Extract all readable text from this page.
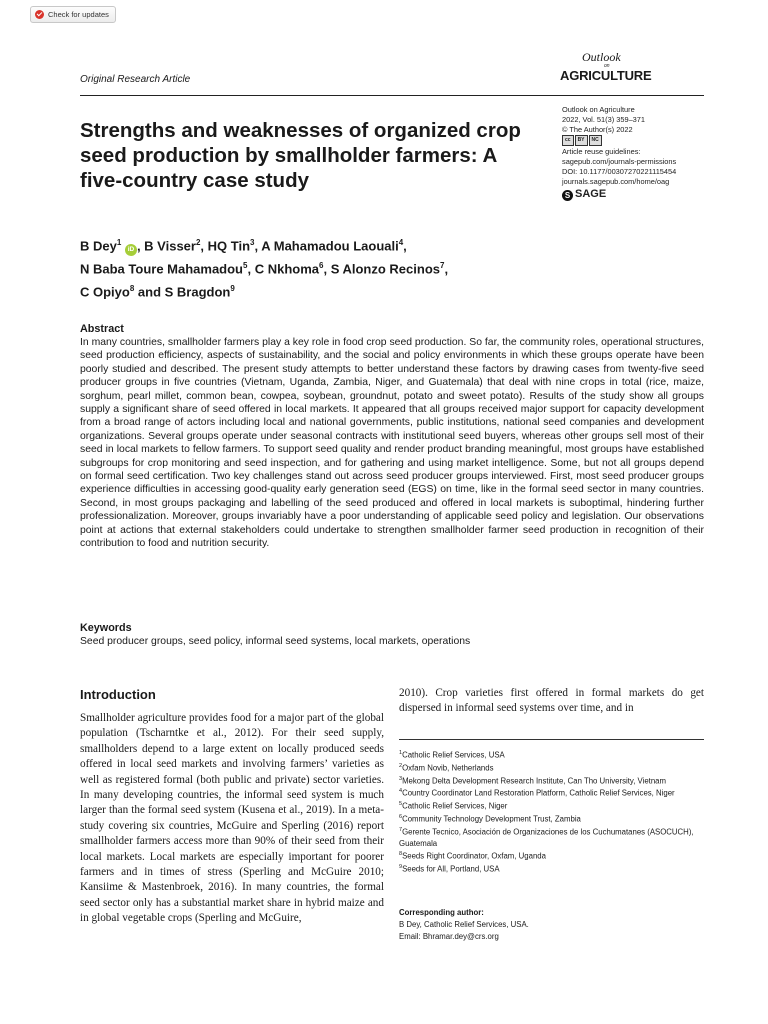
Check for updates
Original Research Article
Outlook
on
AGRICULTURE
Outlook on Agriculture
2022, Vol. 51(3) 359–371
© The Author(s) 2022
cc	BY	NC
Article reuse guidelines:
sagepub.com/journals-permissions
DOI: 10.1177/00307270221115454
journals.sagepub.com/home/oag
S SAGE
Strengths and weaknesses of organized crop seed production by smallholder farmers: A five-country case study
B Dey$^1$ iD , B Visser$^2$, HQ Tin$^3$, A Mahamadou Laouali$^4$,
N Baba Toure Mahamadou$^5$, C Nkhoma$^6$, S Alonzo Recinos$^7$,
C Opiyo$^8$ and S Bragdon$^9$
Abstract
In many countries, smallholder farmers play a key role in food crop seed production. So far, the community roles, operational structures, seed production efficiency, aspects of sustainability, and the social and policy environments in which these groups operate have been poorly studied and described. The present study attempts to better understand these factors by drawing cases from twenty-five seed producer groups in five countries (Vietnam, Uganda, Zambia, Niger, and Guatemala) that deal with nine crops in total (rice, maize, sorghum, pearl millet, common bean, cowpea, soybean, groundnut, potato and sweet potato). Results of the study show all groups supply a significant share of seed offered in local markets. It appeared that all groups received major support for capacity development from a broad range of actors including local and national governments, public institutions, national seed companies and development organizations. Several groups operate under seasonal contracts with institutional seed buyers, whereas other groups sell most of their seed in local markets to fellow farmers. To support seed quality and render product branding meaningful, most groups have established subgroups for crop monitoring and seed inspection, and for gathering and using market intelligence. Some, but not all groups depend on formal seed certification. Two key challenges stand out across seed producer groups interviewed. First, most seed producer groups experience difficulties in accessing good-quality early generation seed (EGS) on time, like in the formal seed sector in many countries. Second, in most groups packaging and labelling of the seed produced and offered in local markets is suboptimal, hindering further professionalization. Moreover, groups invariably have a poor understanding of applicable seed policy and legislation. Our observations point at actions that external stakeholders could undertake to strengthen smallholder farmer seed production in recognition of their contribution to food and nutrition security.
Keywords
Seed producer groups, seed policy, informal seed systems, local markets, operations
Introduction
Smallholder agriculture provides food for a major part of the global population (Tscharntke et al., 2012). For their seed supply, smallholders depend to a large extent on locally produced seeds offered in local seed markets and involving farmers’ varieties as well as registered formal (both public and private) sector varieties. In many developing countries, the informal seed system is much larger than the formal seed system (Kusena et al., 2019). In a meta-study covering six countries, McGuire and Sperling (2016) report smallholder farmers access more than 90% of their seed from their local markets. Local markets are especially important for poorer farmers and in times of stress (Sperling and McGuire 2010; Kansiime & Mastenbroek, 2016). In many countries, the formal seed sector only has a substantial market share in hybrid maize and in global vegetable crops (Sperling and McGuire,
2010). Crop varieties first offered in formal markets do get dispersed in informal seed systems over time, and in
$^1$Catholic Relief Services, USA
$^2$Oxfam Novib, Netherlands
$^3$Mekong Delta Development Research Institute, Can Tho University, Vietnam
$^4$Country Coordinator Land Restoration Platform, Catholic Relief Services, Niger
$^5$Catholic Relief Services, Niger
$^6$Community Technology Development Trust, Zambia
$^7$Gerente Tecnico, Asociación de Organizaciones de los Cuchumatanes (ASOCUCH), Guatemala
$^8$Seeds Right Coordinator, Oxfam, Uganda
$^9$Seeds for All, Portland, USA
Corresponding author:
B Dey, Catholic Relief Services, USA.
Email: Bhramar.dey@crs.org
